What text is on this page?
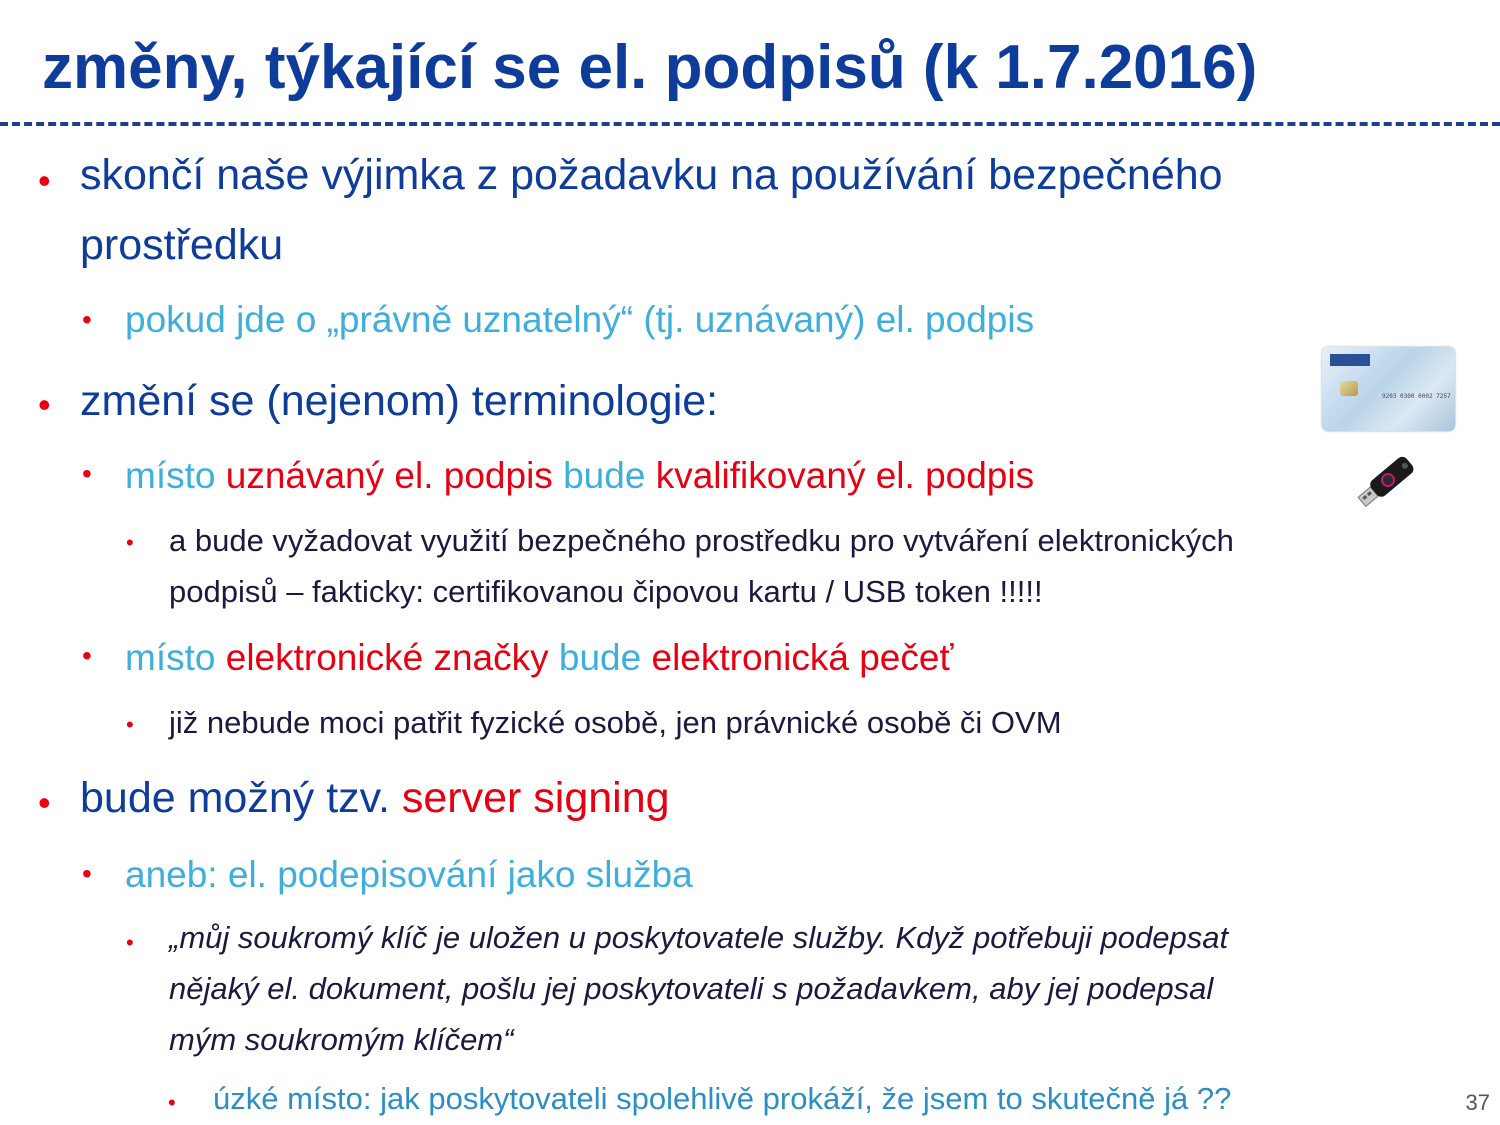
změny, týkající se el. podpisů (k 1.7.2016)
• skončí naše výjimka z požadavku na používání bezpečného
prostředku
• pokud jde o „právně uznatelný“ (tj. uznávaný) el. podpis
• změní se (nejenom) terminologie:
• místo uznávaný el. podpis bude kvalifikovaný el. podpis
• a bude vyžadovat využití bezpečného prostředku pro vytváření elektronických
podpisů – fakticky: certifikovanou čipovou kartu / USB token !!!!!
• místo elektronické značky bude elektronická pečeť
• již nebude moci patřit fyzické osobě, jen právnické osobě či OVM
• bude možný tzv. server signing
• aneb: el. podepisování jako služba
• „můj soukromý klíč je uložen u poskytovatele služby. Když potřebuji podepsat
nějaký el. dokument, pošlu jej poskytovateli s požadavkem, aby jej podepsal
mým soukromým klíčem“
• úzké místo: jak poskytovateli spolehlivě prokáží, že jsem to skutečně já ??	37
9203 0300 0002 7257
